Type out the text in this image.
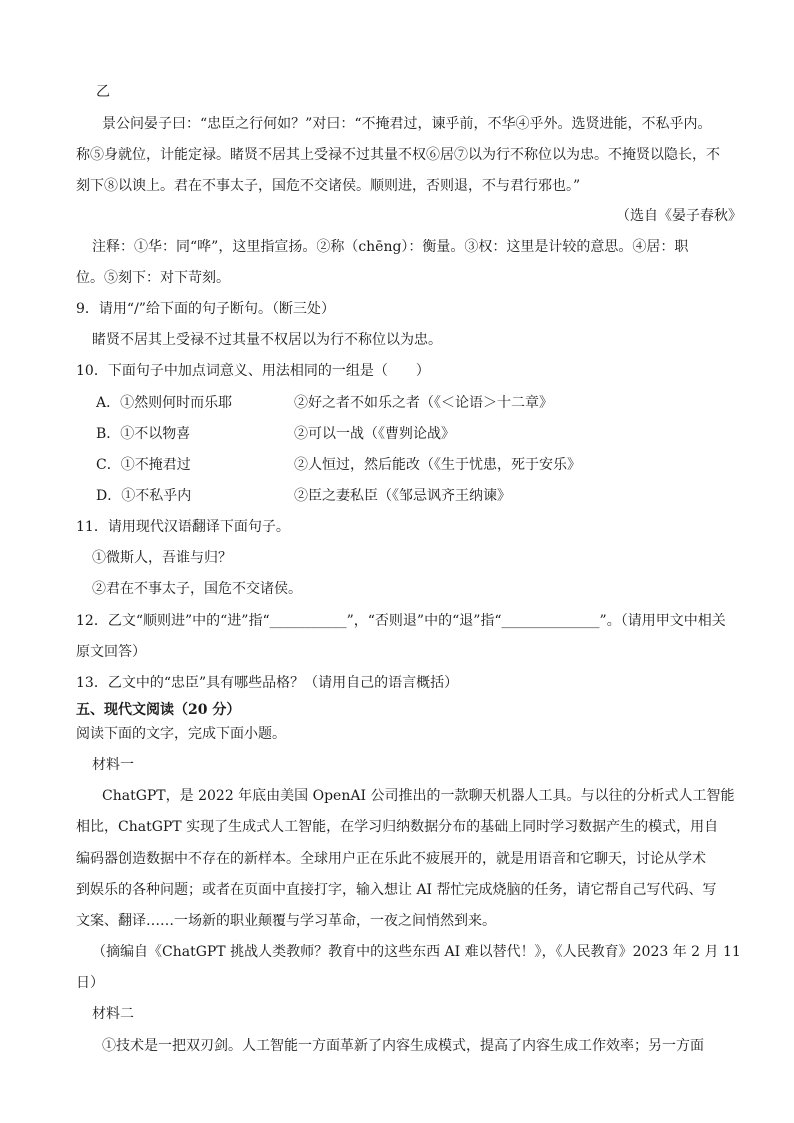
乙
景公问晏子曰：“忠臣之行何如？”对曰：“不掩君过，谏乎前，不华④乎外。选贤进能，不私乎内。
称⑤身就位，计能定禄。睹贤不居其上受禄不过其量不权⑥居⑦以为行不称位以为忠。不掩贤以隐长，不
刻下⑧以谀上。君在不事太子，国危不交诸侯。顺则进，否则退，不与君行邪也。”
（选自《晏子春秋》
注释：①华：同“哗”，这里指宣扬。②称（chēng）：衡量。③权：这里是计较的意思。④居：职
位。⑤刻下：对下苛刻。
9．请用“/”给下面的句子断句。（断三处）
睹贤不居其上受禄不过其量不权居以为行不称位以为忠。
10．下面句子中加点词意义、用法相同的一组是（　　）
A．①然则何时而乐耶	②好之者不如乐之者（《＜论语＞十二章》
B．①不以物喜	②可以一战（《曹刿论战》
C．①不掩君过	②人恒过，然后能改（《生于忧患，死于安乐》
D．①不私乎内	②臣之妻私臣（《邹忌讽齐王纳谏》
11．请用现代汉语翻译下面句子。
①微斯人，吾谁与归？
②君在不事太子，国危不交诸侯。
12．乙文“顺则进”中的“进”指“___________”，“否则退”中的“退”指“______________”。（请用甲文中相关
原文回答）
13．乙文中的“忠臣”具有哪些品格？（请用自己的语言概括）
五、现代文阅读（20 分）
阅读下面的文字，完成下面小题。
材料一
ChatGPT，是 2022 年底由美国 OpenAI 公司推出的一款聊天机器人工具。与以往的分析式人工智能
相比，ChatGPT 实现了生成式人工智能，在学习归纳数据分布的基础上同时学习数据产生的模式，用自
编码器创造数据中不存在的新样本。全球用户正在乐此不疲展开的，就是用语音和它聊天，讨论从学术
到娱乐的各种问题；或者在页面中直接打字，输入想让 AI 帮忙完成烧脑的任务，请它帮自己写代码、写
文案、翻译……一场新的职业颠覆与学习革命，一夜之间悄然到来。
（摘编自《ChatGPT 挑战人类教师？教育中的这些东西 AI 难以替代！》，《人民教育》2023 年 2 月 11
日）
材料二
①技术是一把双刃剑。人工智能一方面革新了内容生成模式，提高了内容生成工作效率；另一方面
